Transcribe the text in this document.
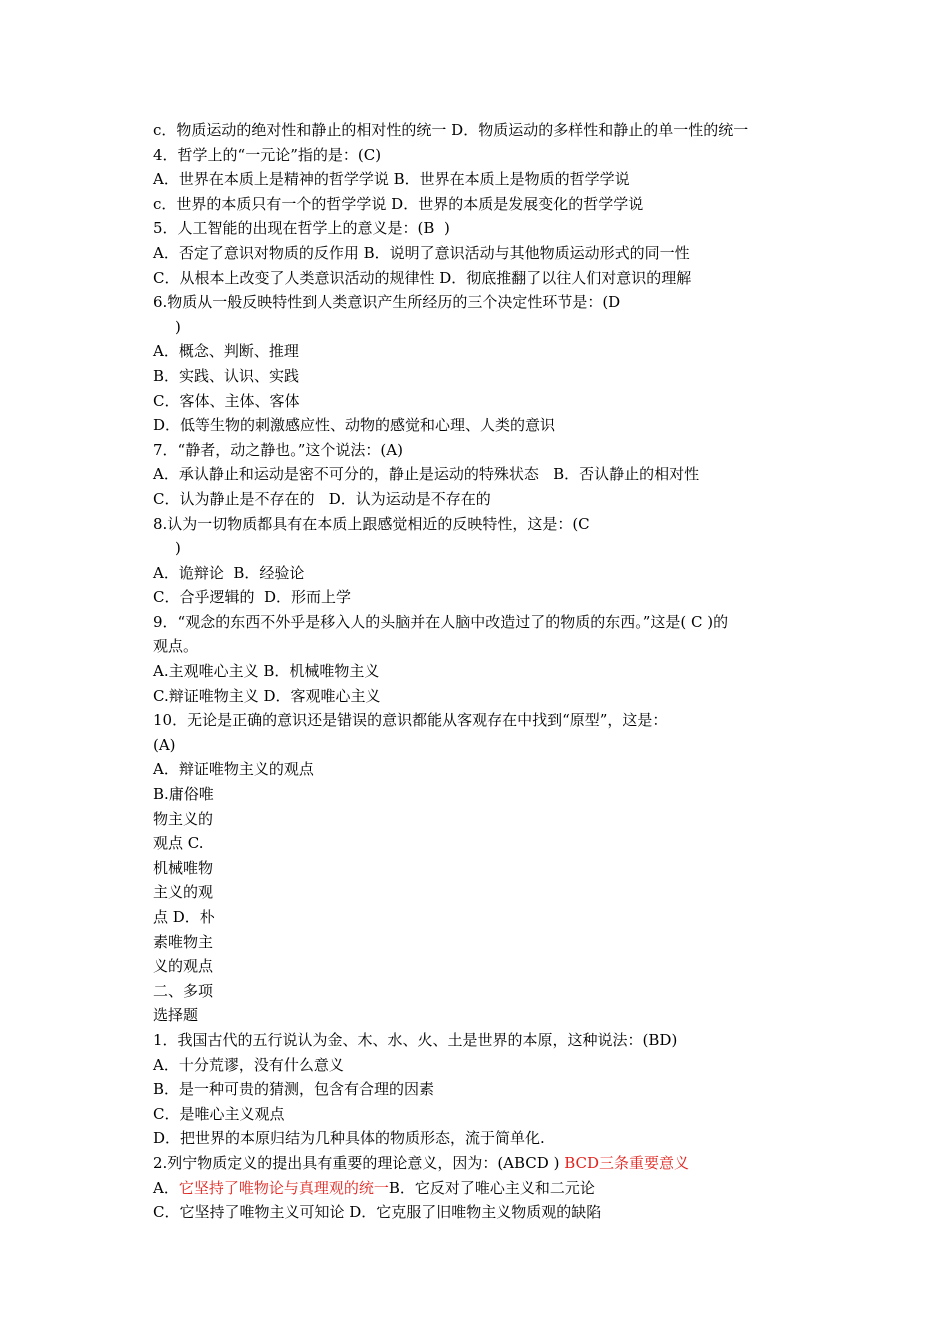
c．物质运动的绝对性和静止的相对性的统一 D．物质运动的多样性和静止的单一性的统一
4．哲学上的“一元论”指的是：(C)
A．世界在本质上是精神的哲学学说 B．世界在本质上是物质的哲学学说
c．世界的本质只有一个的哲学学说 D．世界的本质是发展变化的哲学学说
5．人工智能的出现在哲学上的意义是：(B  )
A．否定了意识对物质的反作用 B．说明了意识活动与其他物质运动形式的同一性
C．从根本上改变了人类意识活动的规律性 D．彻底推翻了以往人们对意识的理解
6.物质从一般反映特性到人类意识产生所经历的三个决定性环节是：(D
)
A．概念、判断、推理
B．实践、认识、实践
C．客体、主体、客体
D．低等生物的刺激感应性、动物的感觉和心理、人类的意识
7．“静者，动之静也。”这个说法：(A)
A．承认静止和运动是密不可分的，静止是运动的特殊状态   B．否认静止的相对性
C．认为静止是不存在的   D．认为运动是不存在的
8.认为一切物质都具有在本质上跟感觉相近的反映特性，这是：(C
)
A．诡辩论  B．经验论
C．合乎逻辑的  D．形而上学
9．“观念的东西不外乎是移入人的头脑并在人脑中改造过了的物质的东西。”这是( C )的
观点。
A.主观唯心主义 B．机械唯物主义
C.辩证唯物主义 D．客观唯心主义
10．无论是正确的意识还是错误的意识都能从客观存在中找到“原型”，这是：
(A)
A．辩证唯物主义的观点
B.庸俗唯
物主义的
观点 C.
机械唯物
主义的观
点 D．朴
素唯物主
义的观点
二、多项
选择题
1．我国古代的五行说认为金、木、水、火、土是世界的本原，这种说法：(BD)
A．十分荒谬，没有什么意义
B．是一种可贵的猜测，包含有合理的因素
C．是唯心主义观点
D．把世界的本原归结为几种具体的物质形态，流于简单化.
2.列宁物质定义的提出具有重要的理论意义，因为：(ABCD ) BCD三条重要意义
A．它坚持了唯物论与真理观的统一B．它反对了唯心主义和二元论
C．它坚持了唯物主义可知论 D．它克服了旧唯物主义物质观的缺陷
